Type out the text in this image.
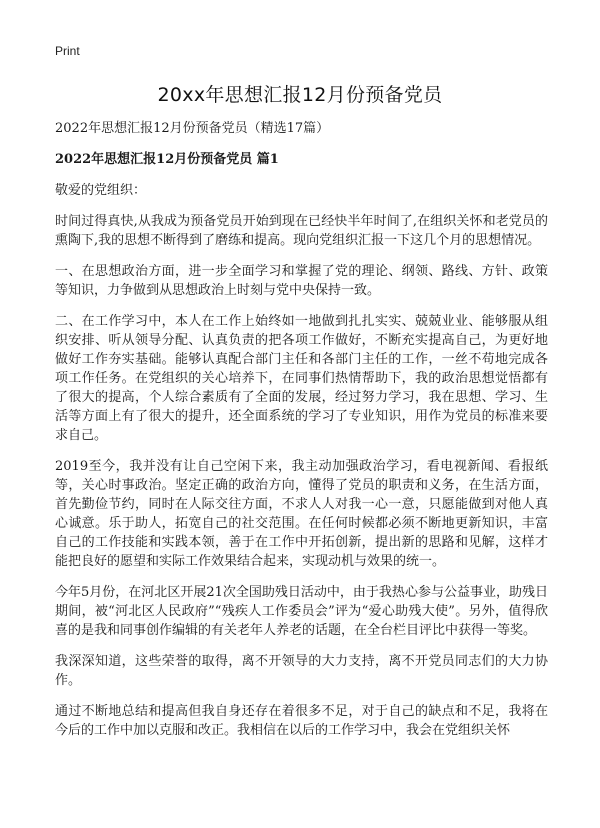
Print
20xx年思想汇报12月份预备党员

2022年思想汇报12月份预备党员（精选17篇）

2022年思想汇报12月份预备党员 篇1

敬爱的党组织：

时间过得真快,从我成为预备党员开始到现在已经快半年时间了,在组织关怀和老党员的熏陶下,我的思想不断得到了磨练和提高。现向党组织汇报一下这几个月的思想情况。

一、在思想政治方面，进一步全面学习和掌握了党的理论、纲领、路线、方针、政策等知识，力争做到从思想政治上时刻与党中央保持一致。

二、在工作学习中，本人在工作上始终如一地做到扎扎实实、兢兢业业、能够服从组织安排、听从领导分配、认真负责的把各项工作做好，不断充实提高自己，为更好地做好工作夯实基础。能够认真配合部门主任和各部门主任的工作，一丝不苟地完成各项工作任务。在党组织的关心培养下，在同事们热情帮助下，我的政治思想觉悟都有了很大的提高，个人综合素质有了全面的发展，经过努力学习，我在思想、学习、生活等方面上有了很大的提升，还全面系统的学习了专业知识，用作为党员的标准来要求自己。

2019至今，我并没有让自己空闲下来，我主动加强政治学习，看电视新闻、看报纸等，关心时事政治。坚定正确的政治方向，懂得了党员的职责和义务，在生活方面，首先勤俭节约，同时在人际交往方面，不求人人对我一心一意，只愿能做到对他人真心诚意。乐于助人，拓宽自己的社交范围。在任何时候都必须不断地更新知识，丰富自己的工作技能和实践本领，善于在工作中开拓创新，提出新的思路和见解，这样才能把良好的愿望和实际工作效果结合起来，实现动机与效果的统一。

今年5月份，在河北区开展21次全国助残日活动中，由于我热心参与公益事业，助残日期间，被“河北区人民政府”“残疾人工作委员会”评为“爱心助残大使”。另外，值得欣喜的是我和同事创作编辑的有关老年人养老的话题，在全台栏目评比中获得一等奖。

我深深知道，这些荣誉的取得，离不开领导的大力支持，离不开党员同志们的大力协作。

通过不断地总结和提高但我自身还存在着很多不足，对于自己的缺点和不足，我将在今后的工作中加以克服和改正。我相信在以后的工作学习中，我会在党组织关怀
